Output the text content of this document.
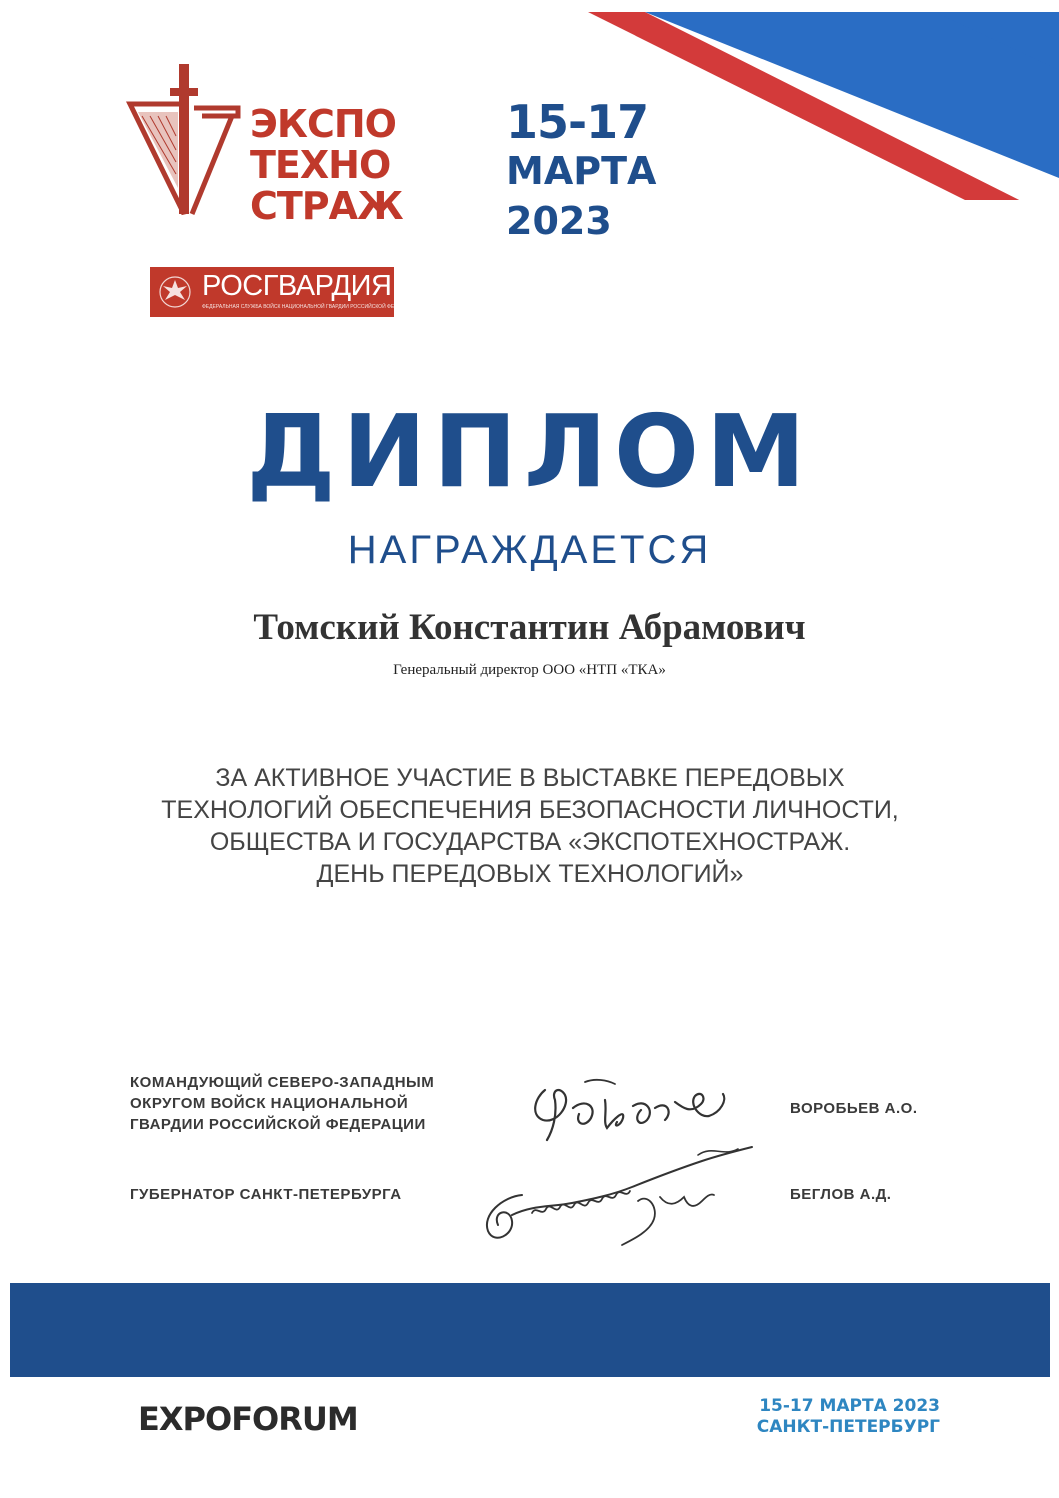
ЭКСПО
ТЕХНО
СТРАЖ
15-17
МАРТА
2023
РОСГВАРДИЯ
ФЕДЕРАЛЬНАЯ СЛУЖБА ВОЙСК НАЦИОНАЛЬНОЙ ГВАРДИИ РОССИЙСКОЙ ФЕДЕРАЦИИ
ДИПЛОМ
НАГРАЖДАЕТСЯ
Томский Константин Абрамович
Генеральный директор ООО «НТП «ТКА»
ЗА АКТИВНОЕ УЧАСТИЕ В ВЫСТАВКЕ ПЕРЕДОВЫХ
ТЕХНОЛОГИЙ ОБЕСПЕЧЕНИЯ БЕЗОПАСНОСТИ ЛИЧНОСТИ,
ОБЩЕСТВА И ГОСУДАРСТВА «ЭКСПОТЕХНОСТРАЖ.
ДЕНЬ ПЕРЕДОВЫХ ТЕХНОЛОГИЙ»
КОМАНДУЮЩИЙ СЕВЕРО-ЗАПАДНЫМ
ОКРУГОМ ВОЙСК НАЦИОНАЛЬНОЙ
ГВАРДИИ РОССИЙСКОЙ ФЕДЕРАЦИИ
ВОРОБЬЕВ А.О.
ГУБЕРНАТОР САНКТ-ПЕТЕРБУРГА	БЕГЛОВ А.Д.
EXPOFORUM	15-17 МАРТА 2023
САНКТ-ПЕТЕРБУРГ
